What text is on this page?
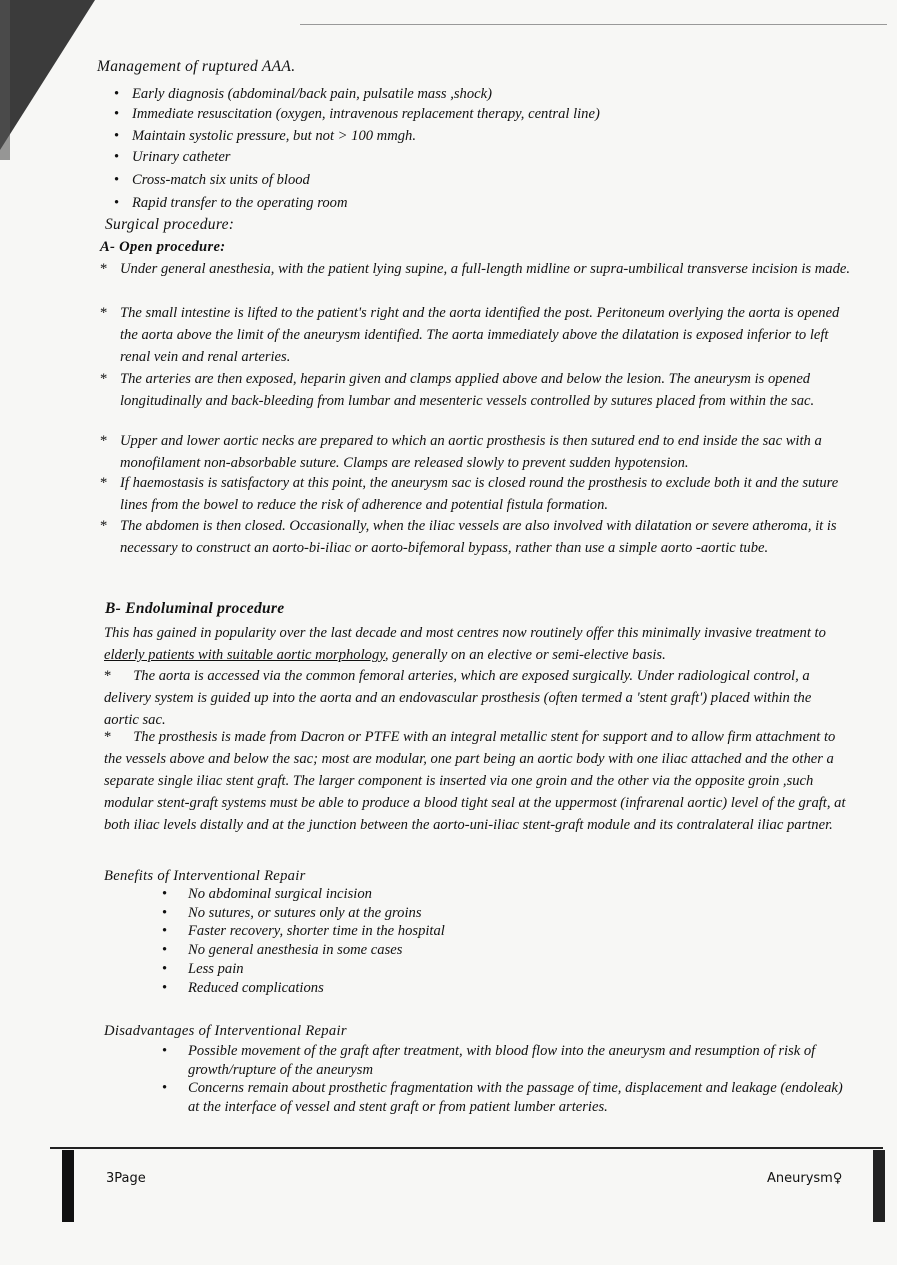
Management of ruptured AAA.
• Early diagnosis (abdominal/back pain, pulsatile mass ,shock)
• Immediate resuscitation (oxygen, intravenous replacement therapy, central line)
• Maintain systolic pressure, but not > 100 mmgh.
• Urinary catheter
• Cross-match six units of blood
• Rapid transfer to the operating room
Surgical procedure:
A- Open procedure:
* Under general anesthesia, with the patient lying supine, a full-length midline or supra-umbilical transverse incision is made.
* The small intestine is lifted to the patient's right and the aorta identified the post. Peritoneum overlying the aorta is opened the aorta above the limit of the aneurysm identified. The aorta immediately above the dilatation is exposed inferior to left renal vein and renal arteries.
* The arteries are then exposed, heparin given and clamps applied above and below the lesion. The aneurysm is opened longitudinally and back-bleeding from lumbar and mesenteric vessels controlled by sutures placed from within the sac.
* Upper and lower aortic necks are prepared to which an aortic prosthesis is then sutured end to end inside the sac with a monofilament non-absorbable suture. Clamps are released slowly to prevent sudden hypotension.
* If haemostasis is satisfactory at this point, the aneurysm sac is closed round the prosthesis to exclude both it and the suture lines from the bowel to reduce the risk of adherence and potential fistula formation.
* The abdomen is then closed. Occasionally, when the iliac vessels are also involved with dilatation or severe atheroma, it is necessary to construct an aorto-bi-iliac or aorto-bifemoral bypass, rather than use a simple aorto -aortic tube.
B- Endoluminal procedure
This has gained in popularity over the last decade and most centres now routinely offer this minimally invasive treatment to elderly patients with suitable aortic morphology, generally on an elective or semi-elective basis.
*      The aorta is accessed via the common femoral arteries, which are exposed surgically. Under radiological control, a delivery system is guided up into the aorta and an endovascular prosthesis (often termed a 'stent graft') placed within the aortic sac.
*      The prosthesis is made from Dacron or PTFE with an integral metallic stent for support and to allow firm attachment to the vessels above and below the sac; most are modular, one part being an aortic body with one iliac attached and the other a separate single iliac stent graft. The larger component is inserted via one groin and the other via the opposite groin ,such modular stent-graft systems must be able to produce a blood tight seal at the uppermost (infrarenal aortic) level of the graft, at both iliac levels distally and at the junction between the aorto-uni-iliac stent-graft module and its contralateral iliac partner.
Benefits of Interventional Repair
• No abdominal surgical incision
• No sutures, or sutures only at the groins
• Faster recovery, shorter time in the hospital
• No general anesthesia in some cases
• Less pain
• Reduced complications
Disadvantages of Interventional Repair
• Possible movement of the graft after treatment, with blood flow into the aneurysm and resumption of risk of growth/rupture of the aneurysm
• Concerns remain about prosthetic fragmentation with the passage of time, displacement and leakage (endoleak) at the interface of vessel and stent graft or from patient lumber arteries.
3Page	Aneurysm♀
